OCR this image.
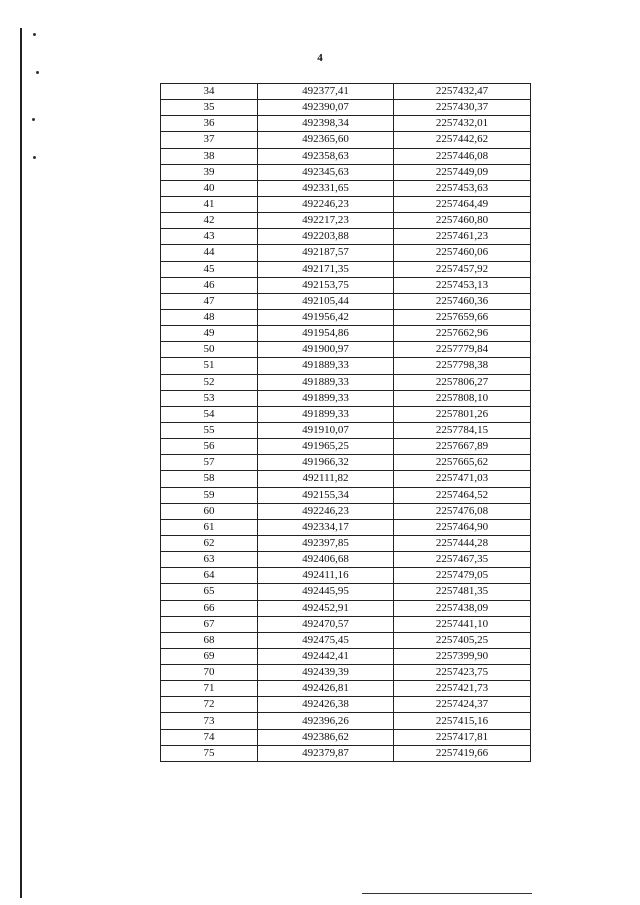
4
34	492377,41	2257432,47
35	492390,07	2257430,37
36	492398,34	2257432,01
37	492365,60	2257442,62
38	492358,63	2257446,08
39	492345,63	2257449,09
40	492331,65	2257453,63
41	492246,23	2257464,49
42	492217,23	2257460,80
43	492203,88	2257461,23
44	492187,57	2257460,06
45	492171,35	2257457,92
46	492153,75	2257453,13
47	492105,44	2257460,36
48	491956,42	2257659,66
49	491954,86	2257662,96
50	491900,97	2257779,84
51	491889,33	2257798,38
52	491889,33	2257806,27
53	491899,33	2257808,10
54	491899,33	2257801,26
55	491910,07	2257784,15
56	491965,25	2257667,89
57	491966,32	2257665,62
58	492111,82	2257471,03
59	492155,34	2257464,52
60	492246,23	2257476,08
61	492334,17	2257464,90
62	492397,85	2257444,28
63	492406,68	2257467,35
64	492411,16	2257479,05
65	492445,95	2257481,35
66	492452,91	2257438,09
67	492470,57	2257441,10
68	492475,45	2257405,25
69	492442,41	2257399,90
70	492439,39	2257423,75
71	492426,81	2257421,73
72	492426,38	2257424,37
73	492396,26	2257415,16
74	492386,62	2257417,81
75	492379,87	2257419,66
